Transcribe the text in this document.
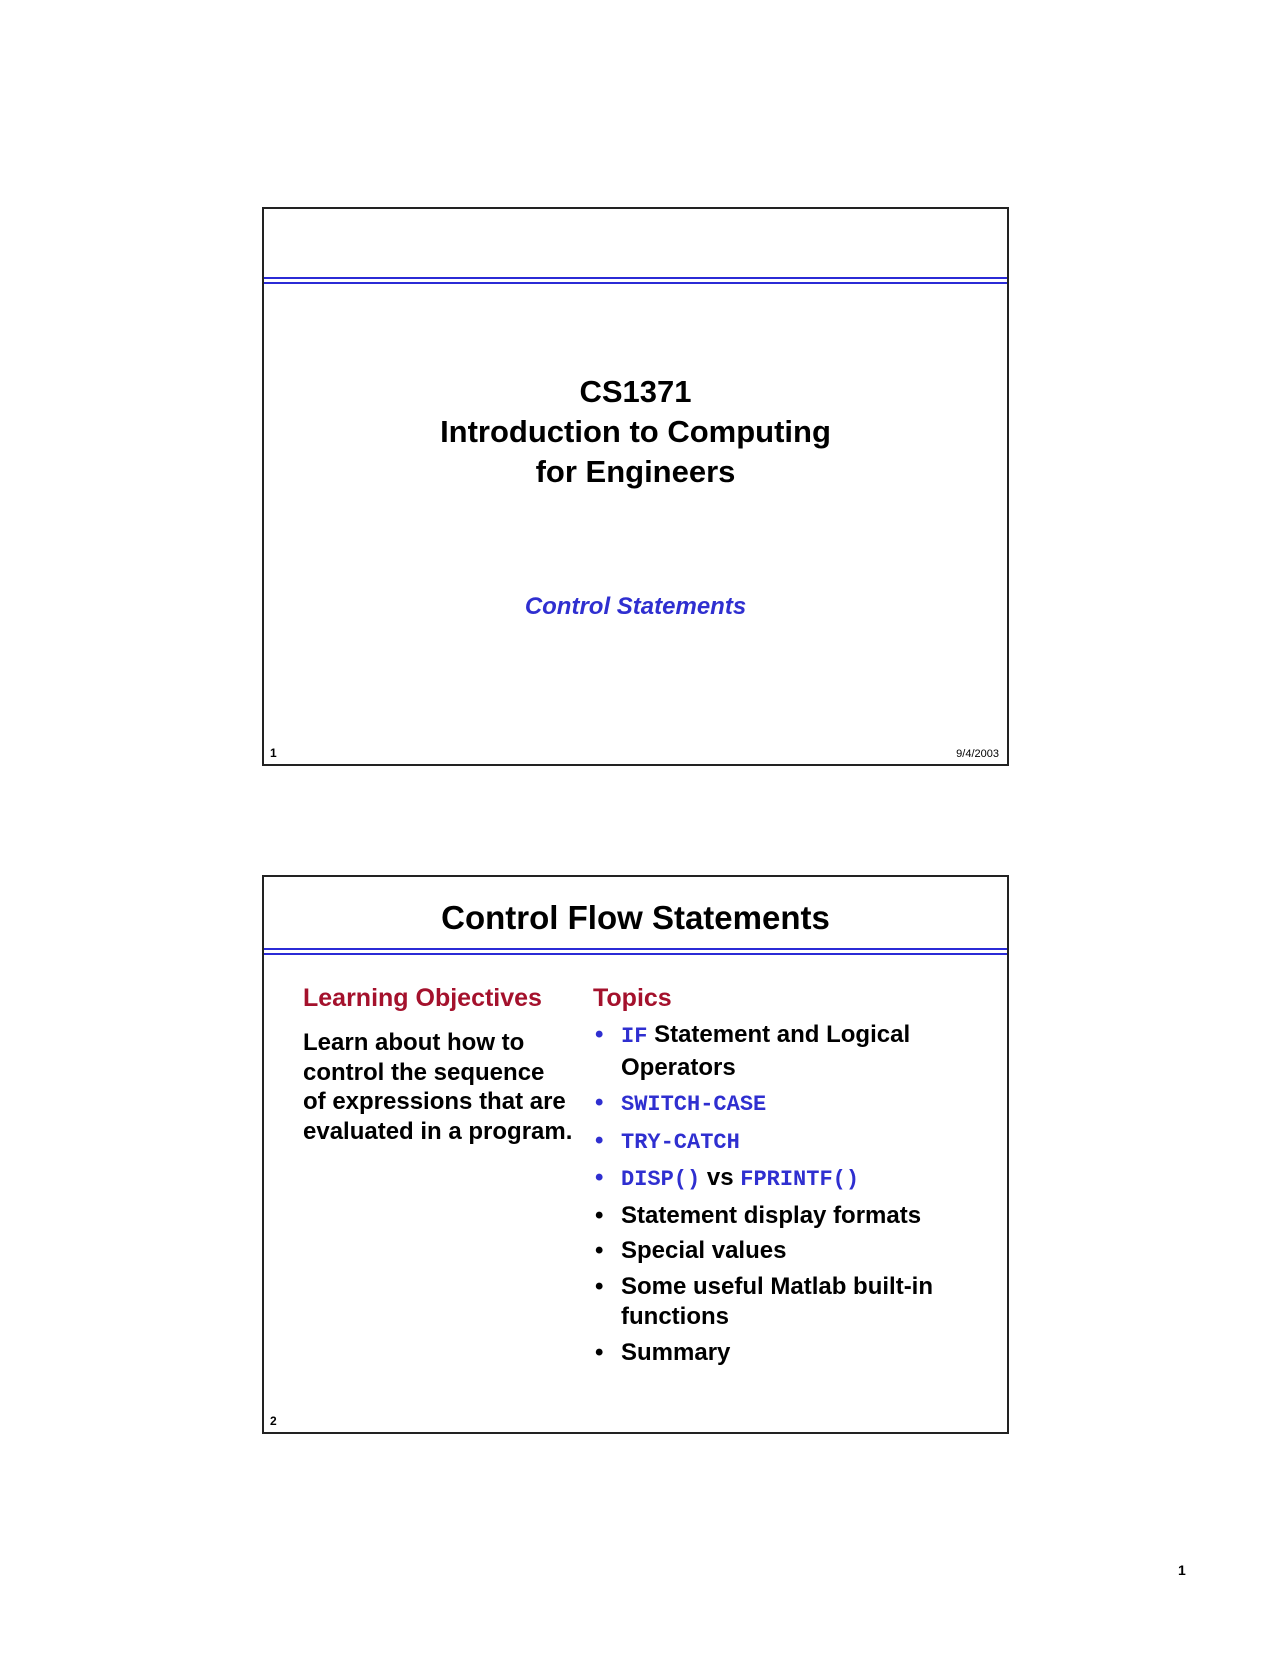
CS1371
Introduction to Computing
for Engineers
Control Statements
1	9/4/2003
Control Flow Statements
Learning Objectives
Learn about how to control the sequence of expressions that are evaluated in a program.
Topics
• IF Statement and Logical Operators
• SWITCH-CASE
• TRY-CATCH
• DISP() vs FPRINTF()
• Statement display formats
• Special values
• Some useful Matlab built-in functions
• Summary
2
1
